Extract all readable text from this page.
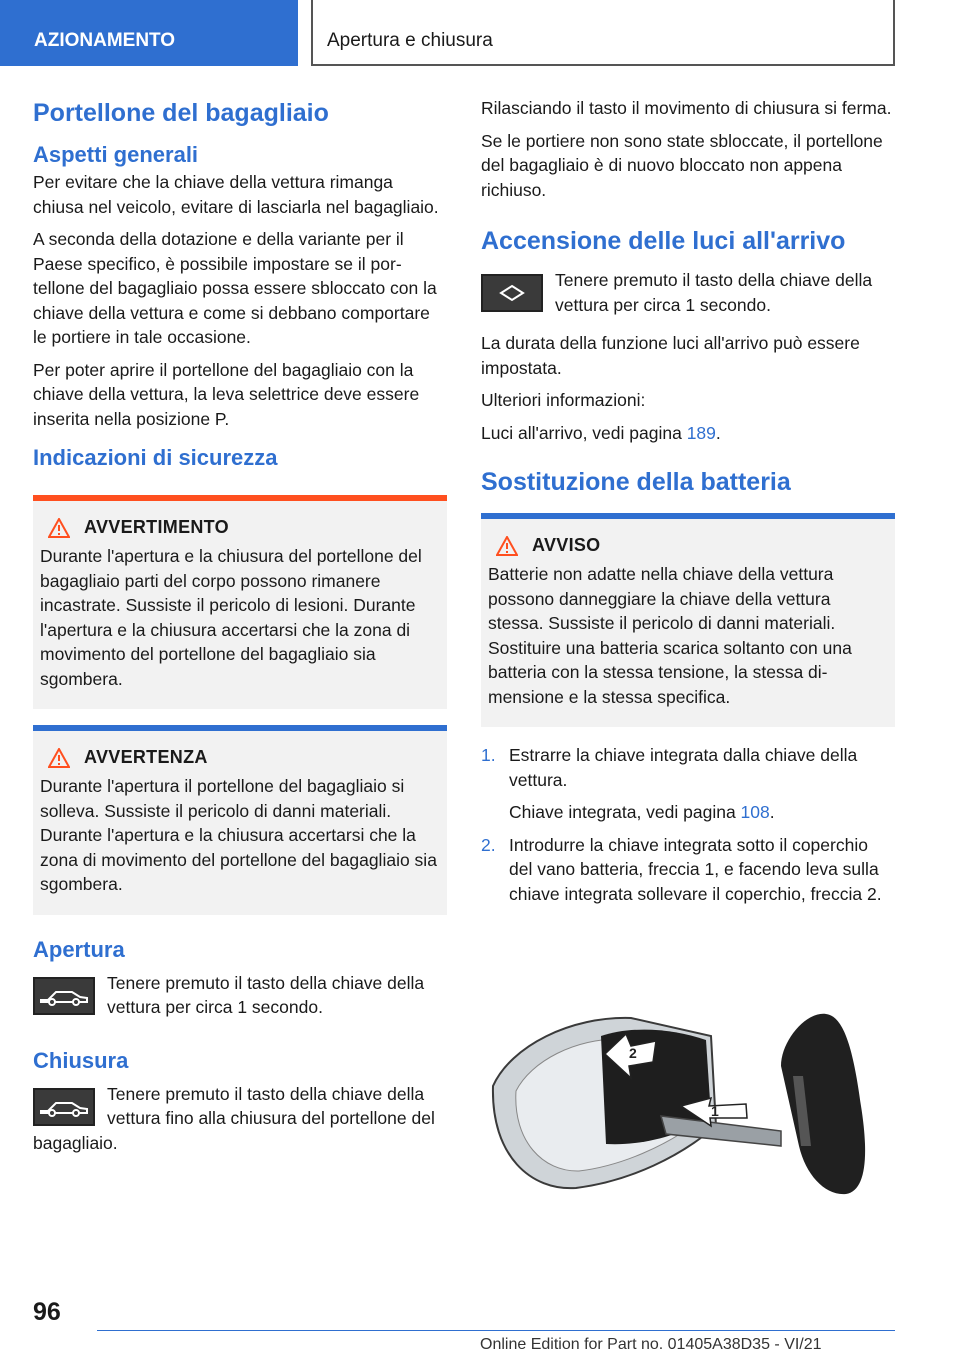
AZIONAMENTO	Apertura e chiusura
Portellone del bagagliaio
Aspetti generali

Per evitare che la chiave della vettura rimanga chiusa nel veicolo, evitare di lasciarla nel bagagliaio.

A seconda della dotazione e della variante per il Paese specifico, è possibile impostare se il portellone del bagagliaio possa essere sbloccato con la chiave della vettura e come si debbano comportare le portiere in tale occasione.

Per poter aprire il portellone del bagagliaio con la chiave della vettura, la leva selettrice deve essere inserita nella posizione P.

Indicazioni di sicurezza
AVVERTIMENTO

Durante l'apertura e la chiusura del portellone del bagagliaio parti del corpo possono rimanere incastrate. Sussiste il pericolo di lesioni. Durante l'apertura e la chiusura accertarsi che la zona di movimento del portellone del bagagliaio sia sgombera.

AVVERTENZA

Durante l'apertura il portellone del bagagliaio si solleva. Sussiste il pericolo di danni materiali. Durante l'apertura e la chiusura accertarsi che la zona di movimento del portellone del bagagliaio sia sgombera.

Apertura

Tenere premuto il tasto della chiave della vettura per circa 1 secondo.

Chiusura

Tenere premuto il tasto della chiave della vettura fino alla chiusura del portellone del bagagliaio.

Rilasciando il tasto il movimento di chiusura si ferma.

Se le portiere non sono state sbloccate, il portellone del bagagliaio è di nuovo bloccato non appena richiuso.

Accensione delle luci all'arrivo

Tenere premuto il tasto della chiave della vettura per circa 1 secondo.

La durata della funzione luci all'arrivo può essere impostata.

Ulteriori informazioni:

Luci all'arrivo, vedi pagina 189.

Sostituzione della batteria
AVVISO

Batterie non adatte nella chiave della vettura possono danneggiare la chiave della vettura stessa. Sussiste il pericolo di danni materiali. Sostituire una batteria scarica soltanto con una batteria con la stessa tensione, la stessa dimensione e la stessa specifica.

1. Estrarre la chiave integrata dalla chiave della vettura.
Chiave integrata, vedi pagina 108.
2. Introdurre la chiave integrata sotto il coperchio del vano batteria, freccia 1, e facendo leva sulla chiave integrata sollevare il coperchio, freccia 2.
2
1
96
Online Edition for Part no. 01405A38D35 - VI/21
